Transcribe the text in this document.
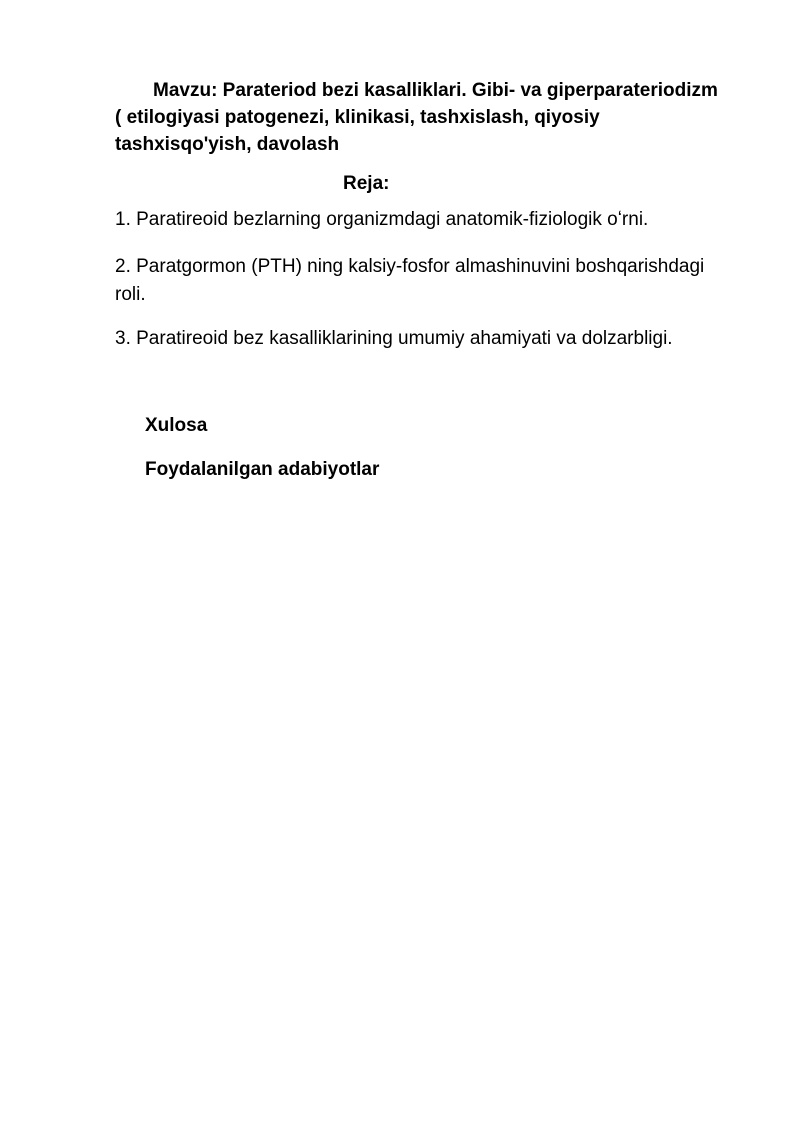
Mavzu: Parateriod bezi kasalliklari. Gibi- va giperparateriodizm ( etilogiyasi patogenezi, klinikasi, tashxislash, qiyosiy tashxisqo'yish, davolash
Reja:
1. Paratireoid bezlarning organizmdagi anatomik-fiziologik oʻrni.
2. Paratgormon (PTH) ning kalsiy-fosfor almashinuvini boshqarishdagi roli.
3. Paratireoid bez kasalliklarining umumiy ahamiyati va dolzarbligi.
Xulosa
Foydalanilgan adabiyotlar
